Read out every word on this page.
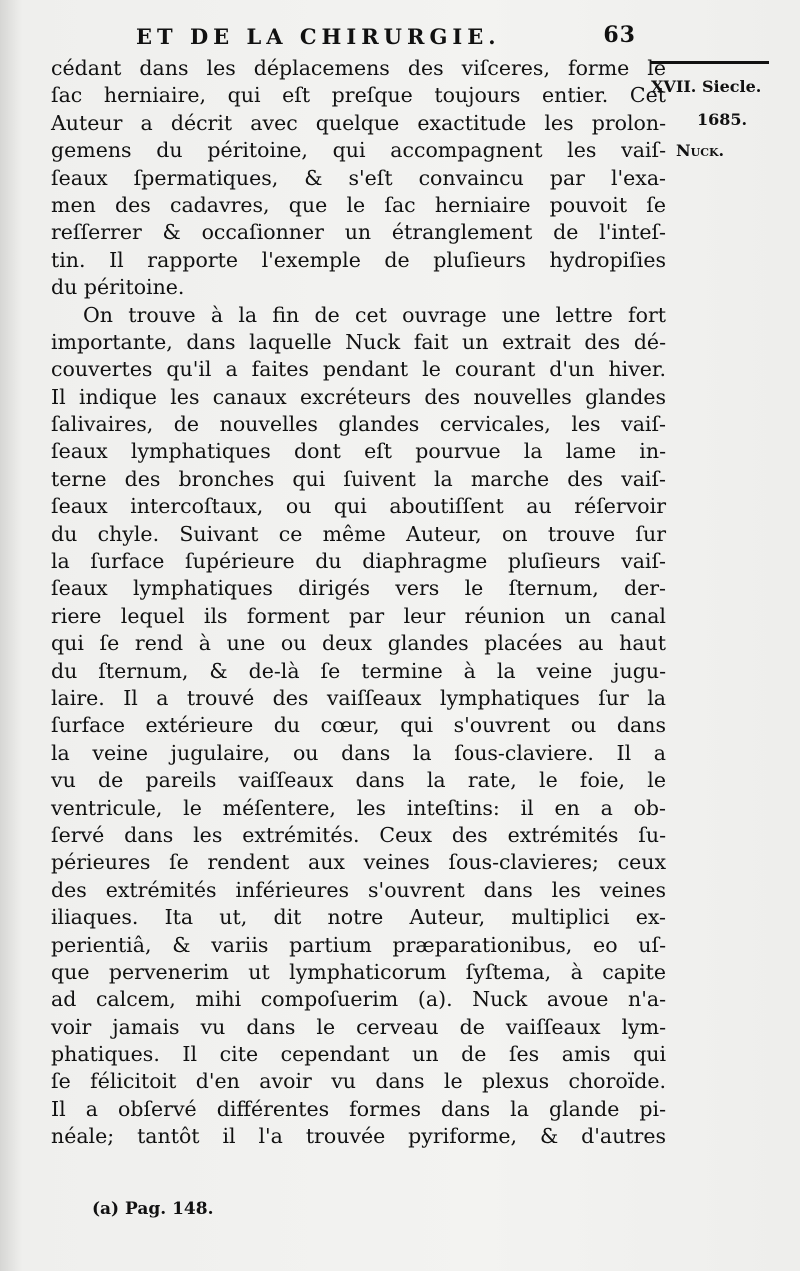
ET DE LA CHIRURGIE.	63
XVII. Siecle.
1685.
Nuck.
cédant dans les déplacemens des viſceres, forme le
ſac herniaire, qui eſt preſque toujours entier. Cet
Auteur a décrit avec quelque exactitude les prolon-
gemens du péritoine, qui accompagnent les vaiſ-
ſeaux ſpermatiques, & s'eſt convaincu par l'exa-
men des cadavres, que le ſac herniaire pouvoit ſe
reſſerrer & occaſionner un étranglement de l'inteſ-
tin. Il rapporte l'exemple de pluſieurs hydropiſies
du péritoine.
On trouve à la fin de cet ouvrage une lettre fort
importante, dans laquelle Nuck fait un extrait des dé-
couvertes qu'il a faites pendant le courant d'un hiver.
Il indique les canaux excréteurs des nouvelles glandes
ſalivaires, de nouvelles glandes cervicales, les vaiſ-
ſeaux lymphatiques dont eſt pourvue la lame in-
terne des bronches qui ſuivent la marche des vaiſ-
ſeaux intercoſtaux, ou qui aboutiſſent au réſervoir
du chyle. Suivant ce même Auteur, on trouve ſur
la ſurface ſupérieure du diaphragme pluſieurs vaiſ-
ſeaux lymphatiques dirigés vers le ſternum, der-
riere lequel ils forment par leur réunion un canal
qui ſe rend à une ou deux glandes placées au haut
du ſternum, & de-là ſe termine à la veine jugu-
laire. Il a trouvé des vaiſſeaux lymphatiques ſur la
ſurface extérieure du cœur, qui s'ouvrent ou dans
la veine jugulaire, ou dans la ſous-claviere. Il a
vu de pareils vaiſſeaux dans la rate, le foie, le
ventricule, le méſentere, les inteſtins: il en a ob-
ſervé dans les extrémités. Ceux des extrémités ſu-
périeures ſe rendent aux veines ſous-clavieres; ceux
des extrémités inférieures s'ouvrent dans les veines
iliaques. Ita ut, dit notre Auteur, multiplici ex-
perientiâ, & variis partium præparationibus, eo uſ-
que pervenerim ut lymphaticorum ſyſtema, à capite
ad calcem, mihi compoſuerim (a). Nuck avoue n'a-
voir jamais vu dans le cerveau de vaiſſeaux lym-
phatiques. Il cite cependant un de ſes amis qui
ſe félicitoit d'en avoir vu dans le plexus choroïde.
Il a obſervé différentes formes dans la glande pi-
néale; tantôt il l'a trouvée pyriforme, & d'autres
(a) Pag. 148.
